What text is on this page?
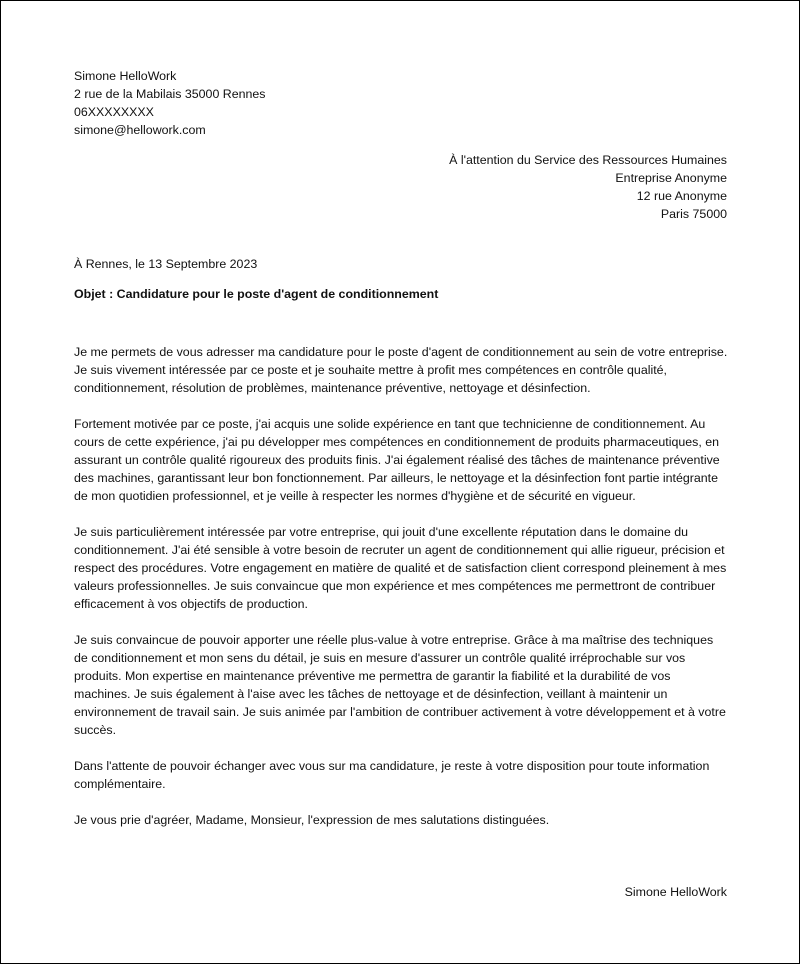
Simone HelloWork
2 rue de la Mabilais 35000 Rennes
06XXXXXXXX
simone@hellowork.com
À l'attention du Service des Ressources Humaines
Entreprise Anonyme
12 rue Anonyme
Paris 75000
À Rennes, le 13 Septembre 2023
Objet : Candidature pour le poste d'agent de conditionnement

Je me permets de vous adresser ma candidature pour le poste d'agent de conditionnement au sein de votre entreprise. Je suis vivement intéressée par ce poste et je souhaite mettre à profit mes compétences en contrôle qualité, conditionnement, résolution de problèmes, maintenance préventive, nettoyage et désinfection.

Fortement motivée par ce poste, j'ai acquis une solide expérience en tant que technicienne de conditionnement. Au cours de cette expérience, j'ai pu développer mes compétences en conditionnement de produits pharmaceutiques, en assurant un contrôle qualité rigoureux des produits finis. J'ai également réalisé des tâches de maintenance préventive des machines, garantissant leur bon fonctionnement. Par ailleurs, le nettoyage et la désinfection font partie intégrante de mon quotidien professionnel, et je veille à respecter les normes d'hygiène et de sécurité en vigueur.

Je suis particulièrement intéressée par votre entreprise, qui jouit d'une excellente réputation dans le domaine du conditionnement. J'ai été sensible à votre besoin de recruter un agent de conditionnement qui allie rigueur, précision et respect des procédures. Votre engagement en matière de qualité et de satisfaction client correspond pleinement à mes valeurs professionnelles. Je suis convaincue que mon expérience et mes compétences me permettront de contribuer efficacement à vos objectifs de production.

Je suis convaincue de pouvoir apporter une réelle plus-value à votre entreprise. Grâce à ma maîtrise des techniques de conditionnement et mon sens du détail, je suis en mesure d'assurer un contrôle qualité irréprochable sur vos produits. Mon expertise en maintenance préventive me permettra de garantir la fiabilité et la durabilité de vos machines. Je suis également à l'aise avec les tâches de nettoyage et de désinfection, veillant à maintenir un environnement de travail sain. Je suis animée par l'ambition de contribuer activement à votre développement et à votre succès.

Dans l'attente de pouvoir échanger avec vous sur ma candidature, je reste à votre disposition pour toute information complémentaire.

Je vous prie d'agréer, Madame, Monsieur, l'expression de mes salutations distinguées.

Simone HelloWork
